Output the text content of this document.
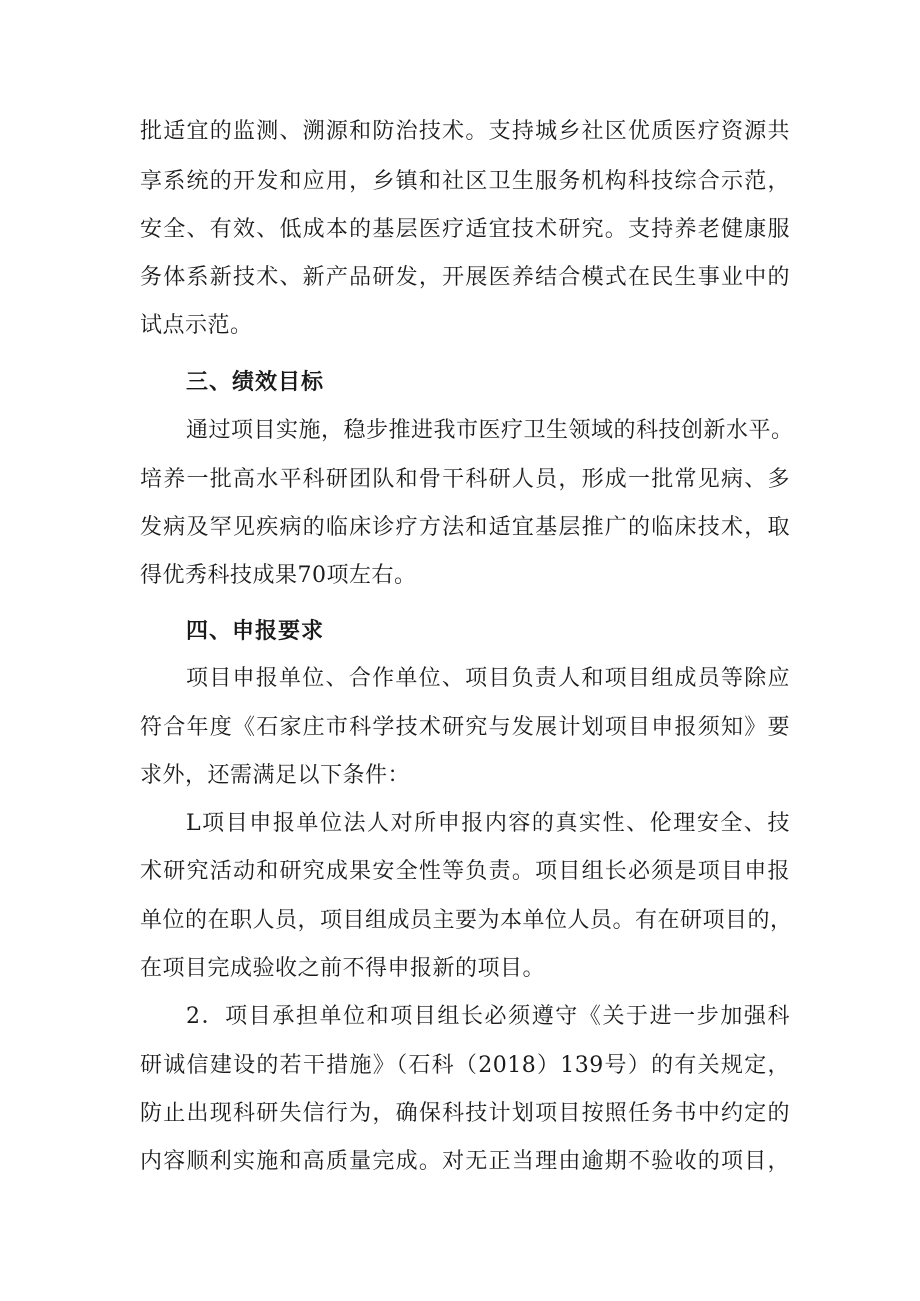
批适宜的监测、溯源和防治技术。支持城乡社区优质医疗资源共
享系统的开发和应用，乡镇和社区卫生服务机构科技综合示范，
安全、有效、低成本的基层医疗适宜技术研究。支持养老健康服
务体系新技术、新产品研发，开展医养结合模式在民生事业中的
试点示范。
三、绩效目标
通过项目实施，稳步推进我市医疗卫生领域的科技创新水平。
培养一批高水平科研团队和骨干科研人员，形成一批常见病、多
发病及罕见疾病的临床诊疗方法和适宜基层推广的临床技术，取
得优秀科技成果70项左右。
四、申报要求
项目申报单位、合作单位、项目负责人和项目组成员等除应
符合年度《石家庄市科学技术研究与发展计划项目申报须知》要
求外，还需满足以下条件：
L项目申报单位法人对所申报内容的真实性、伦理安全、技
术研究活动和研究成果安全性等负责。项目组长必须是项目申报
单位的在职人员，项目组成员主要为本单位人员。有在研项目的，
在项目完成验收之前不得申报新的项目。
2．项目承担单位和项目组长必须遵守《关于进一步加强科
研诚信建设的若干措施》（石科（2018）139号）的有关规定，
防止出现科研失信行为，确保科技计划项目按照任务书中约定的
内容顺利实施和高质量完成。对无正当理由逾期不验收的项目，
